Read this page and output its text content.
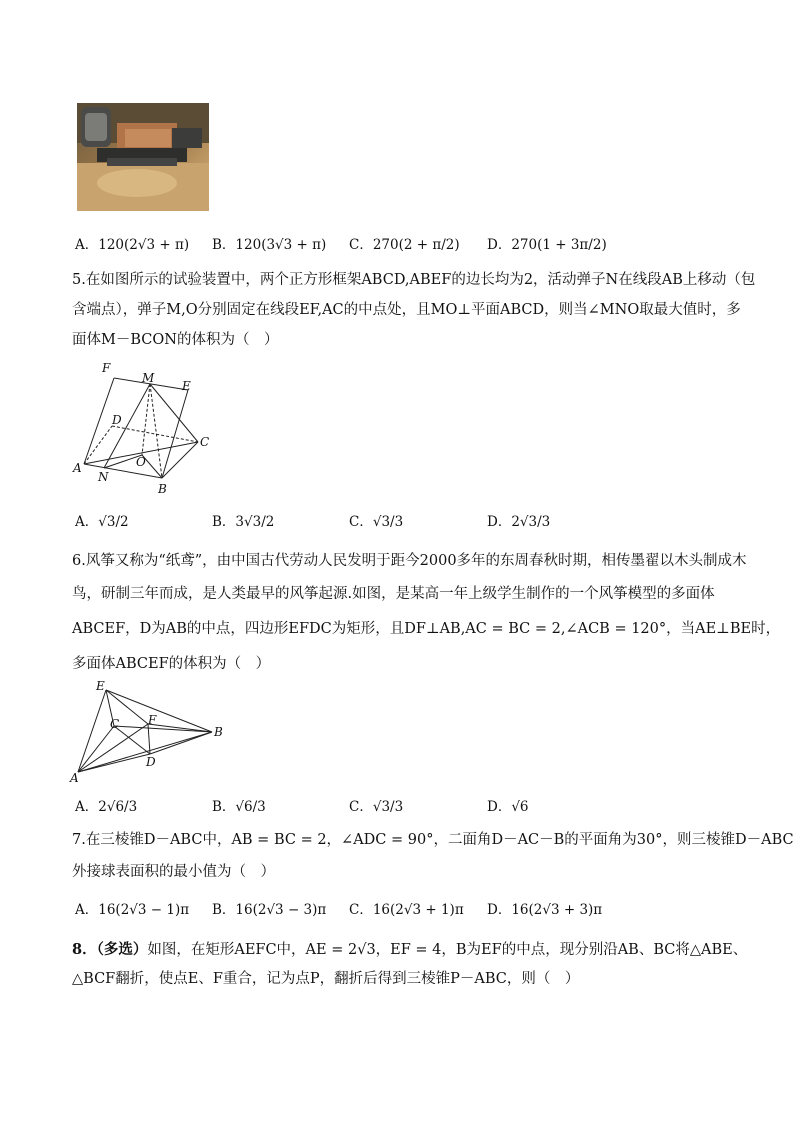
A．120(2√3 + π) B．120(3√3 + π) C．270(2 + π/2) D．270(1 + 3π/2)
5.在如图所示的试验装置中，两个正方形框架ABCD,ABEF的边长均为2，活动弹子N在线段AB上移动（包
含端点），弹子M,O分别固定在线段EF,AC的中点处，且MO⊥平面ABCD，则当∠MNO取最大值时，多
面体M－BCON的体积为（　）
F
M
E
D
C
O
A
N
B
A．√3/2	B．3√3/2	C．√3/3	D．2√3/3
6.风筝又称为“纸鸢”，由中国古代劳动人民发明于距今2000多年的东周春秋时期，相传墨翟以木头制成木
鸟，研制三年而成，是人类最早的风筝起源.如图，是某高一年上级学生制作的一个风筝模型的多面体
ABCEF，D为AB的中点，四边形EFDC为矩形，且DF⊥AB,AC = BC = 2,∠ACB = 120°，当AE⊥BE时，
多面体ABCEF的体积为（　）
E
C F
B
D
A
A．2√6/3	B．√6/3	C．√3/3	D．√6
7.在三棱锥D－ABC中，AB = BC = 2，∠ADC = 90°，二面角D－AC－B的平面角为30°，则三棱锥D－ABC
外接球表面积的最小值为（　）
A．16(2√3 − 1)π B．16(2√3 − 3)π C．16(2√3 + 1)π D．16(2√3 + 3)π
8．（多选）如图，在矩形AEFC中，AE = 2√3，EF = 4，B为EF的中点，现分别沿AB、BC将△ABE、
△BCF翻折，使点E、F重合，记为点P，翻折后得到三棱锥P－ABC，则（　）
